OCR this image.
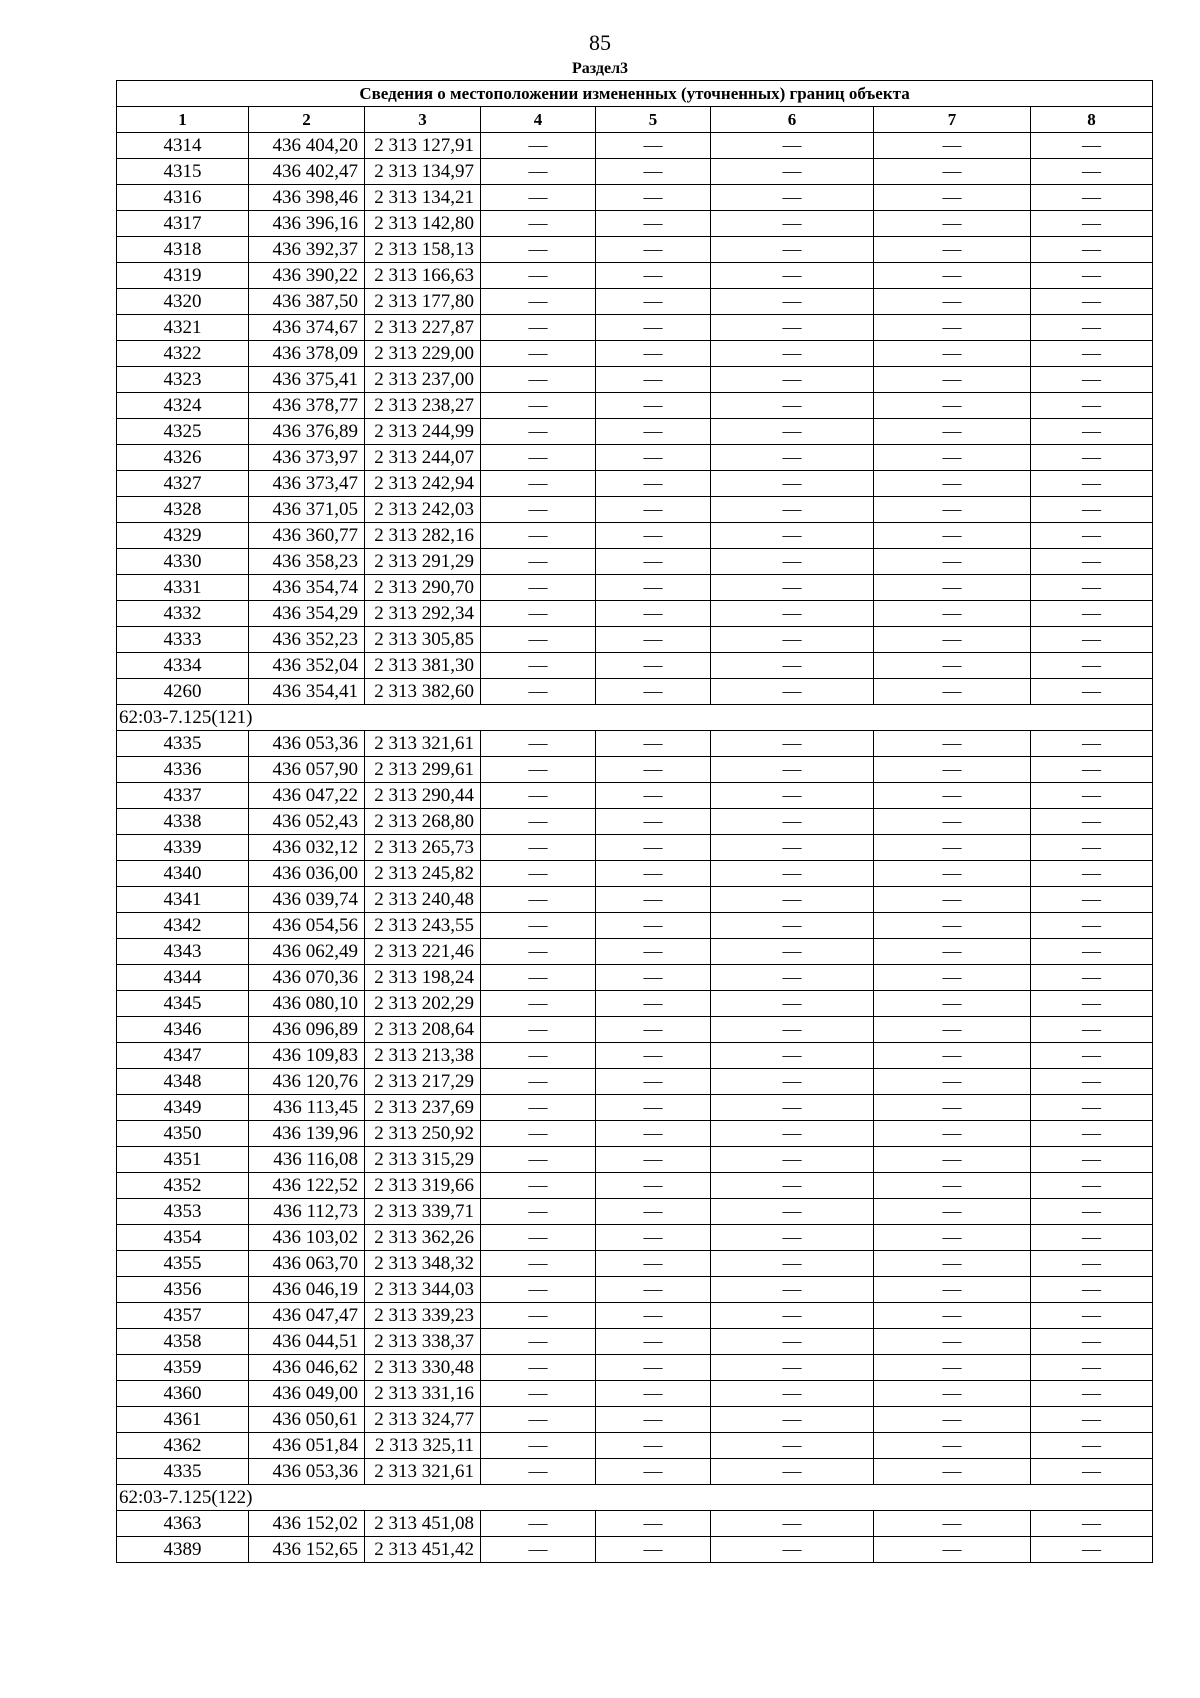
85
Раздел3
Сведения о местоположении измененных (уточненных) границ объекта							
1	2	3	4	5	6	7	8
4314	436 404,20	2 313 127,91	—	—	—	—	—
4315	436 402,47	2 313 134,97	—	—	—	—	—
4316	436 398,46	2 313 134,21	—	—	—	—	—
4317	436 396,16	2 313 142,80	—	—	—	—	—
4318	436 392,37	2 313 158,13	—	—	—	—	—
4319	436 390,22	2 313 166,63	—	—	—	—	—
4320	436 387,50	2 313 177,80	—	—	—	—	—
4321	436 374,67	2 313 227,87	—	—	—	—	—
4322	436 378,09	2 313 229,00	—	—	—	—	—
4323	436 375,41	2 313 237,00	—	—	—	—	—
4324	436 378,77	2 313 238,27	—	—	—	—	—
4325	436 376,89	2 313 244,99	—	—	—	—	—
4326	436 373,97	2 313 244,07	—	—	—	—	—
4327	436 373,47	2 313 242,94	—	—	—	—	—
4328	436 371,05	2 313 242,03	—	—	—	—	—
4329	436 360,77	2 313 282,16	—	—	—	—	—
4330	436 358,23	2 313 291,29	—	—	—	—	—
4331	436 354,74	2 313 290,70	—	—	—	—	—
4332	436 354,29	2 313 292,34	—	—	—	—	—
4333	436 352,23	2 313 305,85	—	—	—	—	—
4334	436 352,04	2 313 381,30	—	—	—	—	—
4260	436 354,41	2 313 382,60	—	—	—	—	—
62:03-7.125(121)							
4335	436 053,36	2 313 321,61	—	—	—	—	—
4336	436 057,90	2 313 299,61	—	—	—	—	—
4337	436 047,22	2 313 290,44	—	—	—	—	—
4338	436 052,43	2 313 268,80	—	—	—	—	—
4339	436 032,12	2 313 265,73	—	—	—	—	—
4340	436 036,00	2 313 245,82	—	—	—	—	—
4341	436 039,74	2 313 240,48	—	—	—	—	—
4342	436 054,56	2 313 243,55	—	—	—	—	—
4343	436 062,49	2 313 221,46	—	—	—	—	—
4344	436 070,36	2 313 198,24	—	—	—	—	—
4345	436 080,10	2 313 202,29	—	—	—	—	—
4346	436 096,89	2 313 208,64	—	—	—	—	—
4347	436 109,83	2 313 213,38	—	—	—	—	—
4348	436 120,76	2 313 217,29	—	—	—	—	—
4349	436 113,45	2 313 237,69	—	—	—	—	—
4350	436 139,96	2 313 250,92	—	—	—	—	—
4351	436 116,08	2 313 315,29	—	—	—	—	—
4352	436 122,52	2 313 319,66	—	—	—	—	—
4353	436 112,73	2 313 339,71	—	—	—	—	—
4354	436 103,02	2 313 362,26	—	—	—	—	—
4355	436 063,70	2 313 348,32	—	—	—	—	—
4356	436 046,19	2 313 344,03	—	—	—	—	—
4357	436 047,47	2 313 339,23	—	—	—	—	—
4358	436 044,51	2 313 338,37	—	—	—	—	—
4359	436 046,62	2 313 330,48	—	—	—	—	—
4360	436 049,00	2 313 331,16	—	—	—	—	—
4361	436 050,61	2 313 324,77	—	—	—	—	—
4362	436 051,84	2 313 325,11	—	—	—	—	—
4335	436 053,36	2 313 321,61	—	—	—	—	—
62:03-7.125(122)							
4363	436 152,02	2 313 451,08	—	—	—	—	—
4389	436 152,65	2 313 451,42	—	—	—	—	—
